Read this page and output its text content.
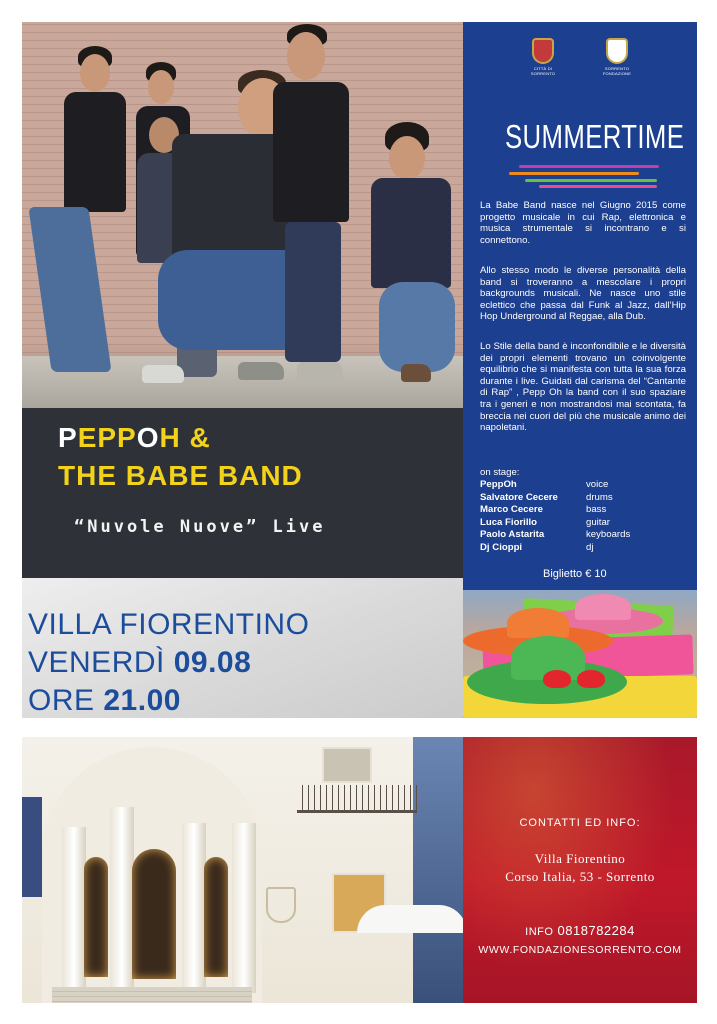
PEPPOH &
THE BABE BAND
“Nuvole Nuove” Live
VILLA FIORENTINO
VENERDÌ 09.08
ORE 21.00
CITTÀ DI SORRENTO
SORRENTO FONDAZIONE
SUMMERTIME
La Babe Band nasce nel Giugno 2015 come progetto musicale in cui Rap, elettronica e musica strumentale si incontrano e si connettono.
Allo stesso modo le diverse personalità della band si troveranno a mescolare i propri backgrounds musicali. Ne nasce uno stile eclettico che passa dal Funk al Jazz, dall’Hip Hop Underground al Reggae, alla Dub.
Lo Stile della band è inconfondibile e le diversità dei propri elementi trovano un coinvolgente equilibrio che si manifesta con tutta la sua forza durante i live. Guidati dal carisma del “Cantante di Rap” , Pepp Oh la band con il suo spaziare tra i generi e non mostrandosi mai scontata, fa breccia nei cuori del più che musicale animo dei napoletani.
on stage:
PeppOh	voice
Salvatore Cecere	drums
Marco Cecere	bass
Luca Fiorillo	guitar
Paolo Astarita	keyboards
Dj Cioppi	dj
Biglietto € 10
CONTATTI ED INFO:
Villa Fiorentino
Corso Italia, 53 - Sorrento
INFO 0818782284
WWW.FONDAZIONESORRENTO.COM
